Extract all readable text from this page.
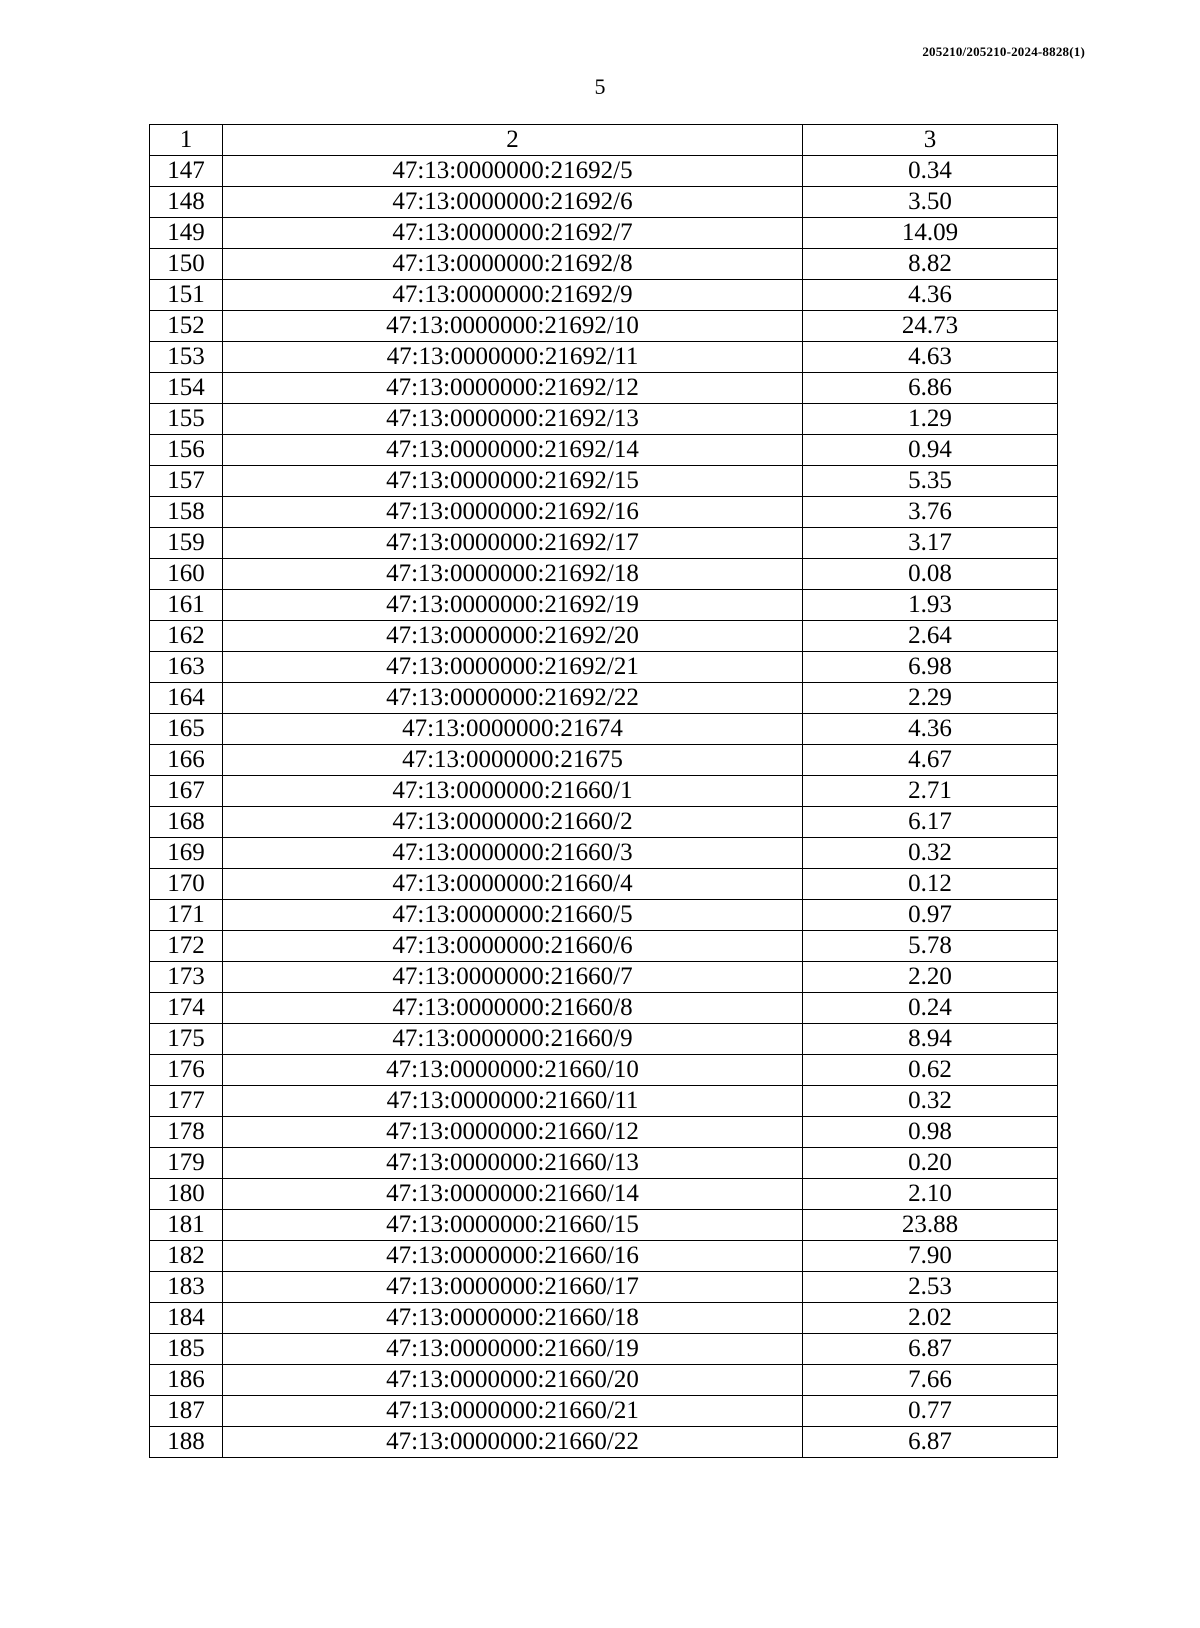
205210/205210-2024-8828(1)
5
1	2	3
147	47:13:0000000:21692/5	0.34
148	47:13:0000000:21692/6	3.50
149	47:13:0000000:21692/7	14.09
150	47:13:0000000:21692/8	8.82
151	47:13:0000000:21692/9	4.36
152	47:13:0000000:21692/10	24.73
153	47:13:0000000:21692/11	4.63
154	47:13:0000000:21692/12	6.86
155	47:13:0000000:21692/13	1.29
156	47:13:0000000:21692/14	0.94
157	47:13:0000000:21692/15	5.35
158	47:13:0000000:21692/16	3.76
159	47:13:0000000:21692/17	3.17
160	47:13:0000000:21692/18	0.08
161	47:13:0000000:21692/19	1.93
162	47:13:0000000:21692/20	2.64
163	47:13:0000000:21692/21	6.98
164	47:13:0000000:21692/22	2.29
165	47:13:0000000:21674	4.36
166	47:13:0000000:21675	4.67
167	47:13:0000000:21660/1	2.71
168	47:13:0000000:21660/2	6.17
169	47:13:0000000:21660/3	0.32
170	47:13:0000000:21660/4	0.12
171	47:13:0000000:21660/5	0.97
172	47:13:0000000:21660/6	5.78
173	47:13:0000000:21660/7	2.20
174	47:13:0000000:21660/8	0.24
175	47:13:0000000:21660/9	8.94
176	47:13:0000000:21660/10	0.62
177	47:13:0000000:21660/11	0.32
178	47:13:0000000:21660/12	0.98
179	47:13:0000000:21660/13	0.20
180	47:13:0000000:21660/14	2.10
181	47:13:0000000:21660/15	23.88
182	47:13:0000000:21660/16	7.90
183	47:13:0000000:21660/17	2.53
184	47:13:0000000:21660/18	2.02
185	47:13:0000000:21660/19	6.87
186	47:13:0000000:21660/20	7.66
187	47:13:0000000:21660/21	0.77
188	47:13:0000000:21660/22	6.87
